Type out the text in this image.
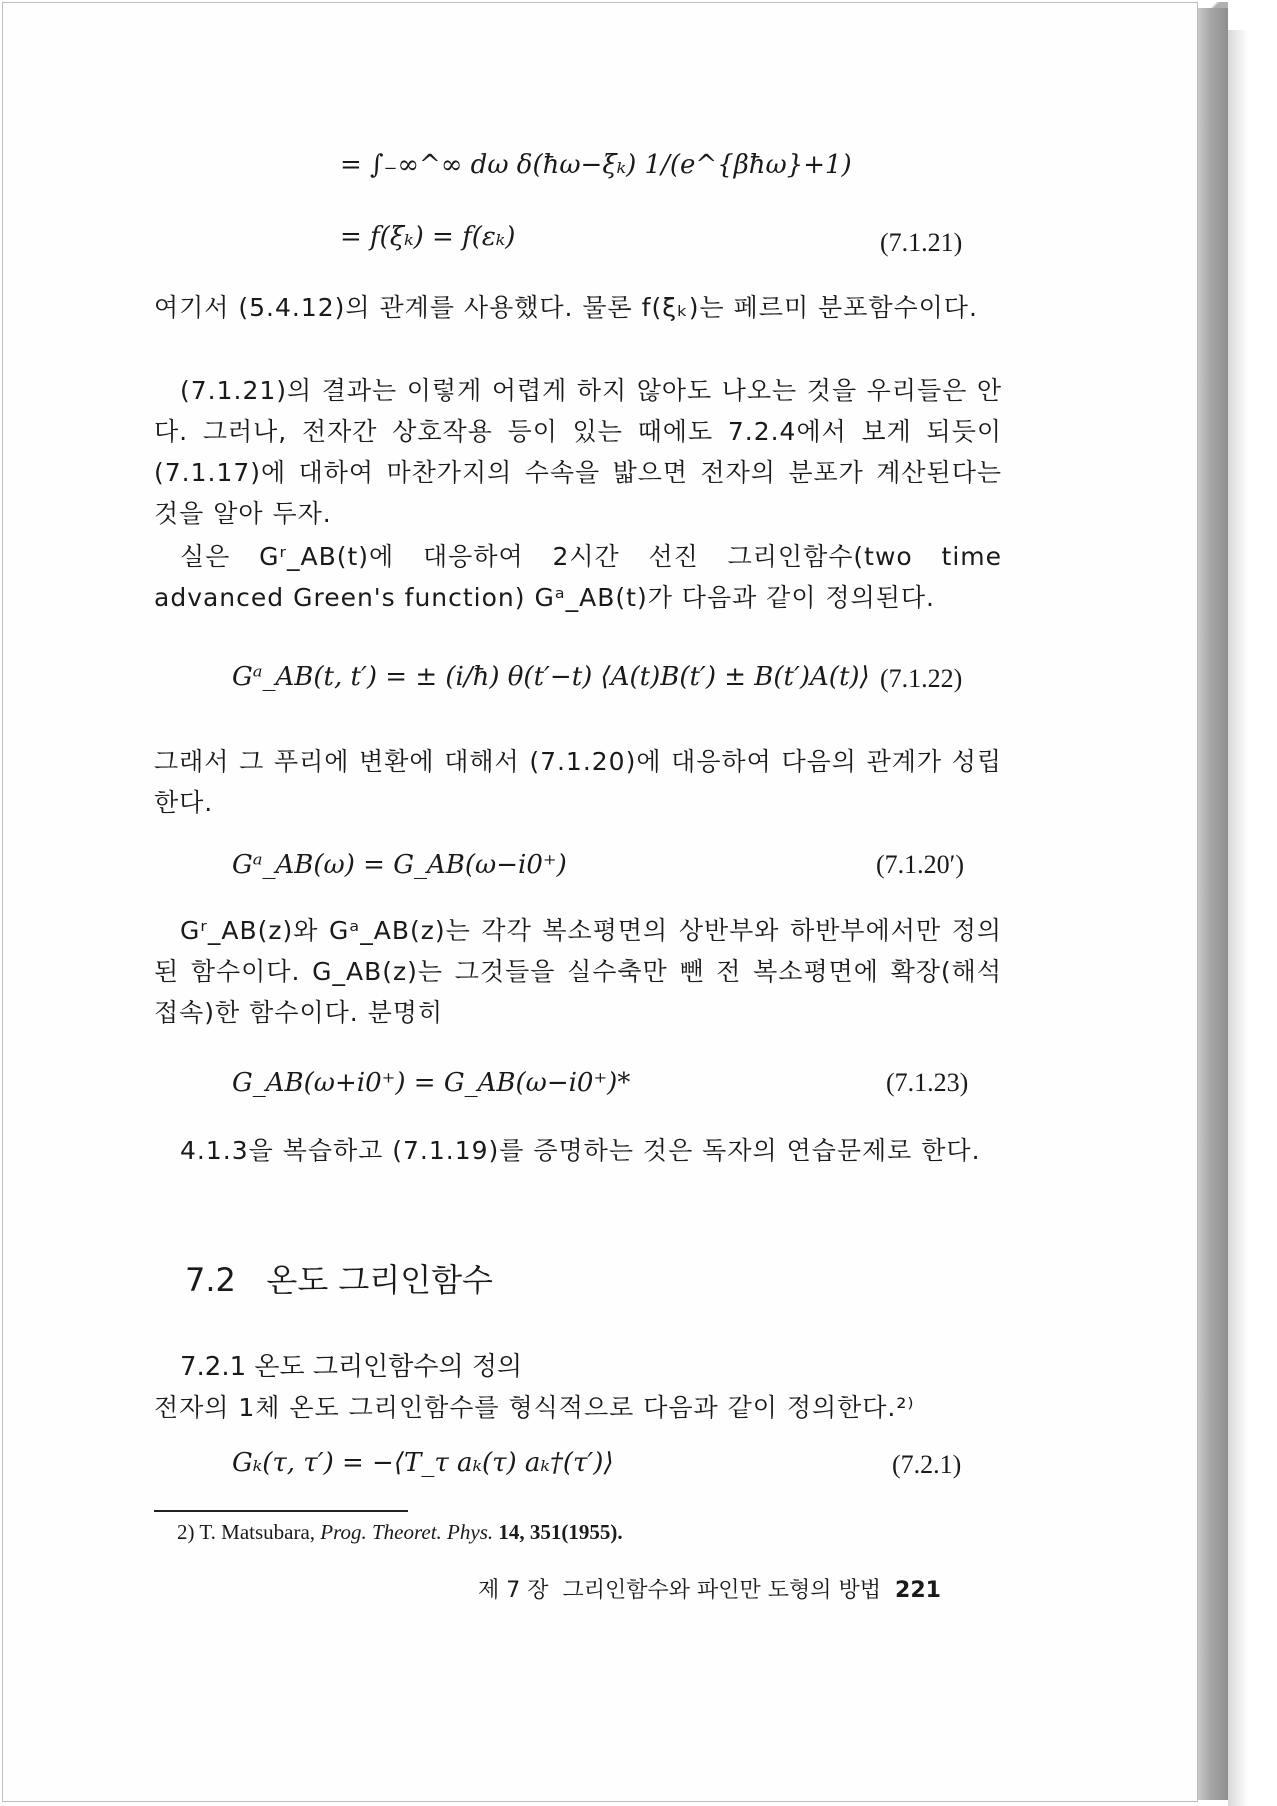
= ∫₋∞^∞ dω δ(ħω−ξₖ) 1/(e^{βħω}+1)
= f(ξₖ) = f(εₖ)	(7.1.21)
여기서 (5.4.12)의 관계를 사용했다. 물론 f(ξₖ)는 페르미 분포함수이다.
(7.1.21)의 결과는 이렇게 어렵게 하지 않아도 나오는 것을 우리들은 안다. 그러나, 전자간 상호작용 등이 있는 때에도 7.2.4에서 보게 되듯이 (7.1.17)에 대하여 마찬가지의 수속을 밟으면 전자의 분포가 계산된다는 것을 알아 두자.
실은 Gʳ_AB(t)에 대응하여 2시간 선진 그리인함수(two time advanced Green's function) Gᵃ_AB(t)가 다음과 같이 정의된다.
Gᵃ_AB(t, t′) = ± (i/ħ) θ(t′−t) ⟨A(t)B(t′) ± B(t′)A(t)⟩ (7.1.22)
그래서 그 푸리에 변환에 대해서 (7.1.20)에 대응하여 다음의 관계가 성립한다.
Gᵃ_AB(ω) = G_AB(ω−i0⁺)	(7.1.20′)
Gʳ_AB(z)와 Gᵃ_AB(z)는 각각 복소평면의 상반부와 하반부에서만 정의된 함수이다. G_AB(z)는 그것들을 실수축만 뺀 전 복소평면에 확장(해석접속)한 함수이다. 분명히
G_AB(ω+i0⁺) = G_AB(ω−i0⁺)*	(7.1.23)
4.1.3을 복습하고 (7.1.19)를 증명하는 것은 독자의 연습문제로 한다.
7.2 온도 그리인함수
7.2.1 온도 그리인함수의 정의
전자의 1체 온도 그리인함수를 형식적으로 다음과 같이 정의한다.²⁾
Gₖ(τ, τ′) = −⟨T_τ aₖ(τ) aₖ†(τ′)⟩	(7.2.1)
2) T. Matsubara, Prog. Theoret. Phys. 14, 351(1955).
제 7 장 그리인함수와 파인만 도형의 방법 221
